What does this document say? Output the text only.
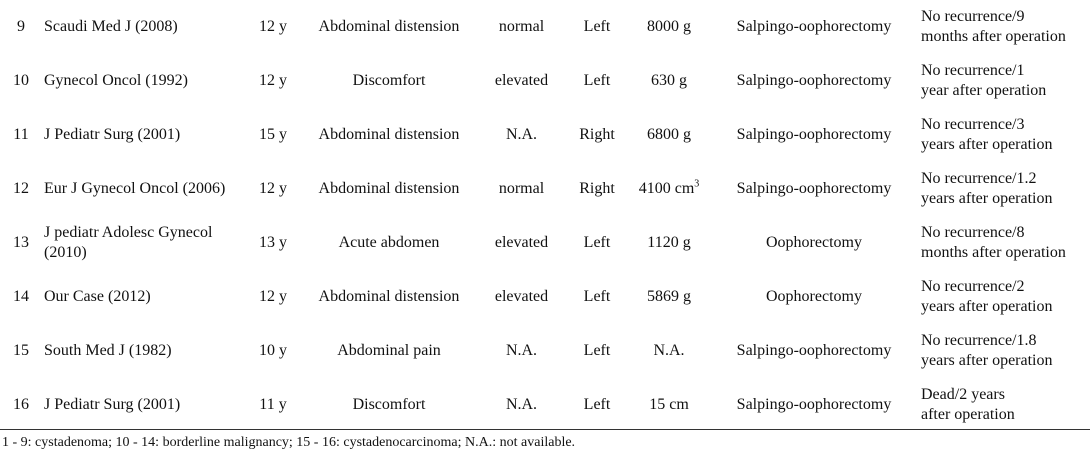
9	Scaudi Med J (2008)	12 y	Abdominal distension	normal	Left	8000 g	Salpingo-oophorectomy	No recurrence/9
months after operation

10	Gynecol Oncol (1992)	12 y	Discomfort	elevated	Left	630 g	Salpingo-oophorectomy	No recurrence/1
year after operation

11	J Pediatr Surg (2001)	15 y	Abdominal distension	N.A.	Right	6800 g	Salpingo-oophorectomy	No recurrence/3
years after operation

12	Eur J Gynecol Oncol (2006)	12 y	Abdominal distension	normal	Right	4100 $cm^3$	Salpingo-oophorectomy	No recurrence/1.2
years after operation

13	J pediatr Adolesc Gynecol (2010)	13 y	Acute abdomen	elevated	Left	1120 g	Oophorectomy	No recurrence/8
months after operation

14	Our Case (2012)	12 y	Abdominal distension	elevated	Left	5869 g	Oophorectomy	No recurrence/2
years after operation

15	South Med J (1982)	10 y	Abdominal pain	N.A.	Left	N.A.	Salpingo-oophorectomy	No recurrence/1.8
years after operation

16	J Pediatr Surg (2001)	11 y	Discomfort	N.A.	Left	15 cm	Salpingo-oophorectomy	Dead/2 years
after operation
1 - 9: cystadenoma; 10 - 14: borderline malignancy; 15 - 16: cystadenocarcinoma; N.A.: not available.
